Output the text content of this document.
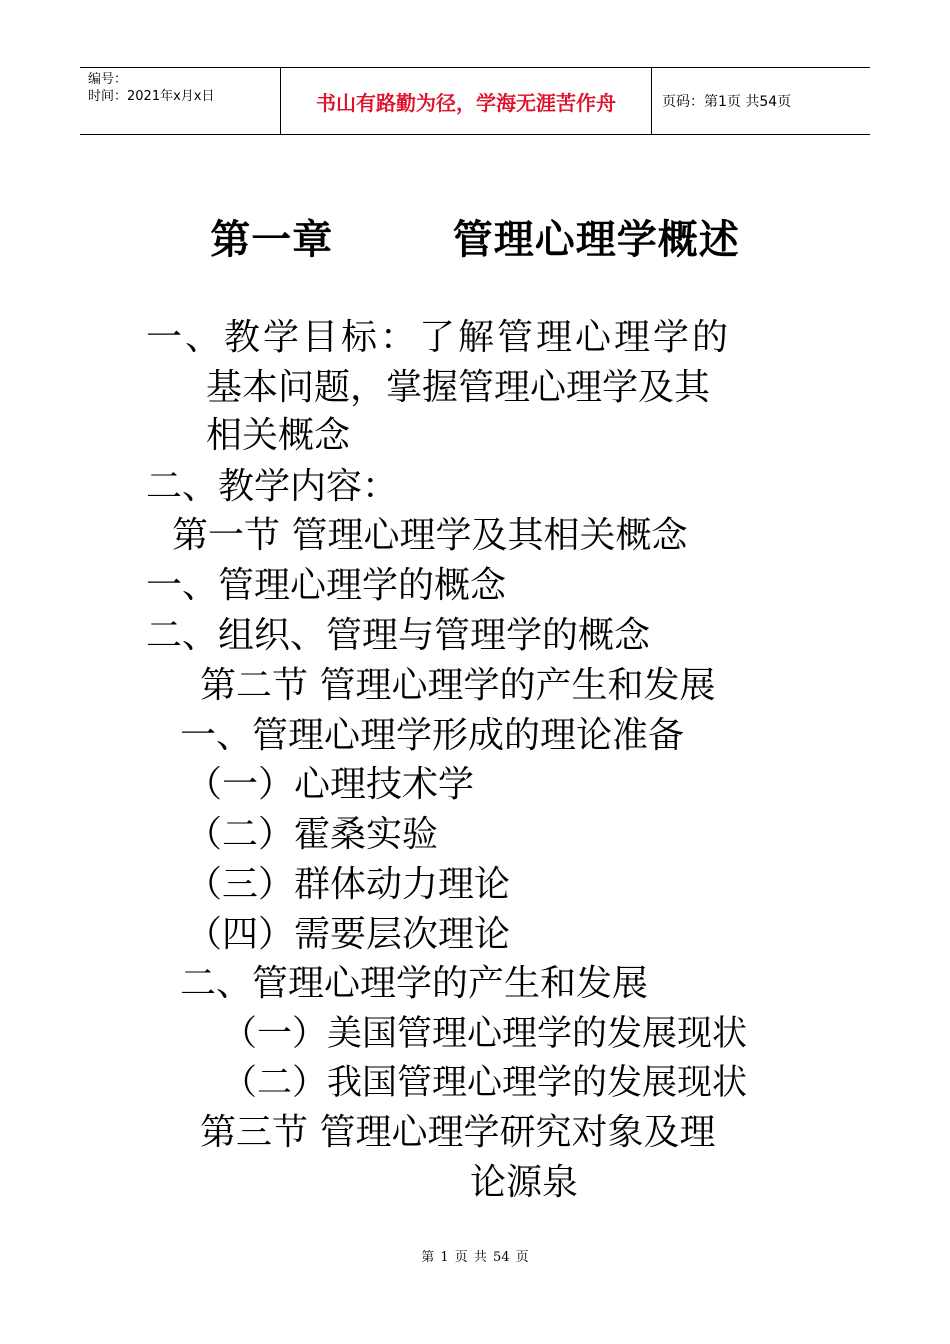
编号：
时间：2021年x月x日	书山有路勤为径，学海无涯苦作舟	页码：第1页 共54页
第一章        管理心理学概述
一、教学目标：了解管理心理学的
基本问题，掌握管理心理学及其
相关概念
二、教学内容：
第一节 管理心理学及其相关概念
一、管理心理学的概念
二、组织、管理与管理学的概念
第二节 管理心理学的产生和发展
一、管理心理学形成的理论准备
（一）心理技术学
（二）霍桑实验
（三）群体动力理论
（四）需要层次理论
二、管理心理学的产生和发展
（一）美国管理心理学的发展现状
（二）我国管理心理学的发展现状
第三节 管理心理学研究对象及理
论源泉
第 1 页 共 54 页
